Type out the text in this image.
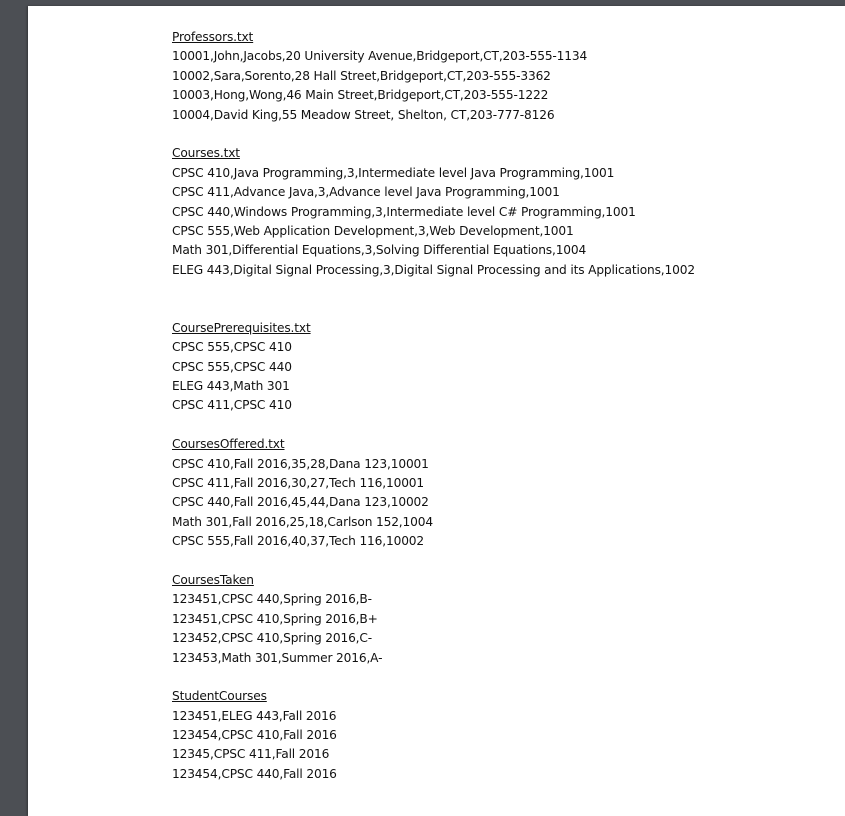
Professors.txt
10001,John,Jacobs,20 University Avenue,Bridgeport,CT,203-555-1134
10002,Sara,Sorento,28 Hall Street,Bridgeport,CT,203-555-3362
10003,Hong,Wong,46 Main Street,Bridgeport,CT,203-555-1222
10004,David King,55 Meadow Street, Shelton, CT,203-777-8126
Courses.txt
CPSC 410,Java Programming,3,Intermediate level Java Programming,1001
CPSC 411,Advance Java,3,Advance level Java Programming,1001
CPSC 440,Windows Programming,3,Intermediate level C# Programming,1001
CPSC 555,Web Application Development,3,Web Development,1001
Math 301,Differential Equations,3,Solving Differential Equations,1004
ELEG 443,Digital Signal Processing,3,Digital Signal Processing and its Applications,1002
CoursePrerequisites.txt
CPSC 555,CPSC 410
CPSC 555,CPSC 440
ELEG 443,Math 301
CPSC 411,CPSC 410
CoursesOffered.txt
CPSC 410,Fall 2016,35,28,Dana 123,10001
CPSC 411,Fall 2016,30,27,Tech 116,10001
CPSC 440,Fall 2016,45,44,Dana 123,10002
Math 301,Fall 2016,25,18,Carlson 152,1004
CPSC 555,Fall 2016,40,37,Tech 116,10002
CoursesTaken
123451,CPSC 440,Spring 2016,B-
123451,CPSC 410,Spring 2016,B+
123452,CPSC 410,Spring 2016,C-
123453,Math 301,Summer 2016,A-
StudentCourses
123451,ELEG 443,Fall 2016
123454,CPSC 410,Fall 2016
12345,CPSC 411,Fall 2016
123454,CPSC 440,Fall 2016
